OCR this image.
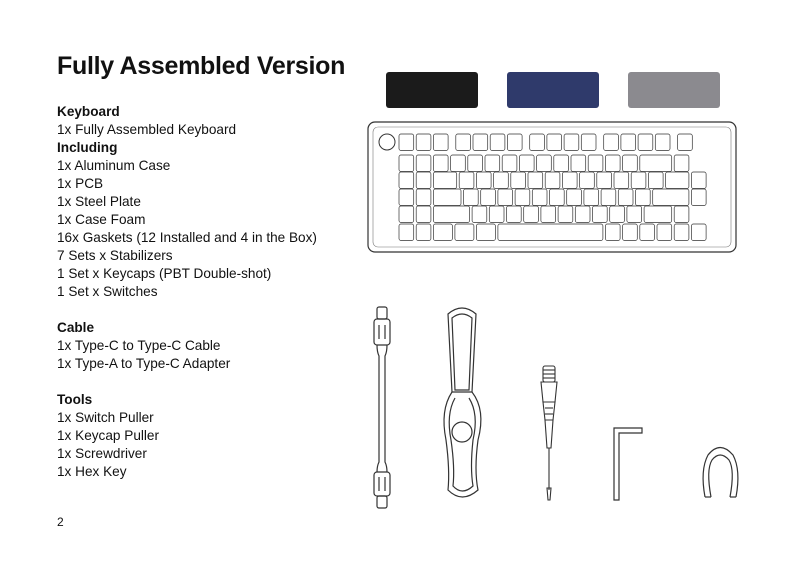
Fully Assembled Version
Keyboard
1x Fully Assembled Keyboard
Including
1x Aluminum Case
1x PCB
1x Steel Plate
1x Case Foam
16x Gaskets (12 Installed and 4 in the Box)
7 Sets x Stabilizers
1 Set x Keycaps (PBT Double-shot)
1 Set x Switches
Cable
1x Type-C to Type-C Cable
1x Type-A to Type-C Adapter
Tools
1x Switch Puller
1x Keycap Puller
1x Screwdriver
1x Hex Key
2
